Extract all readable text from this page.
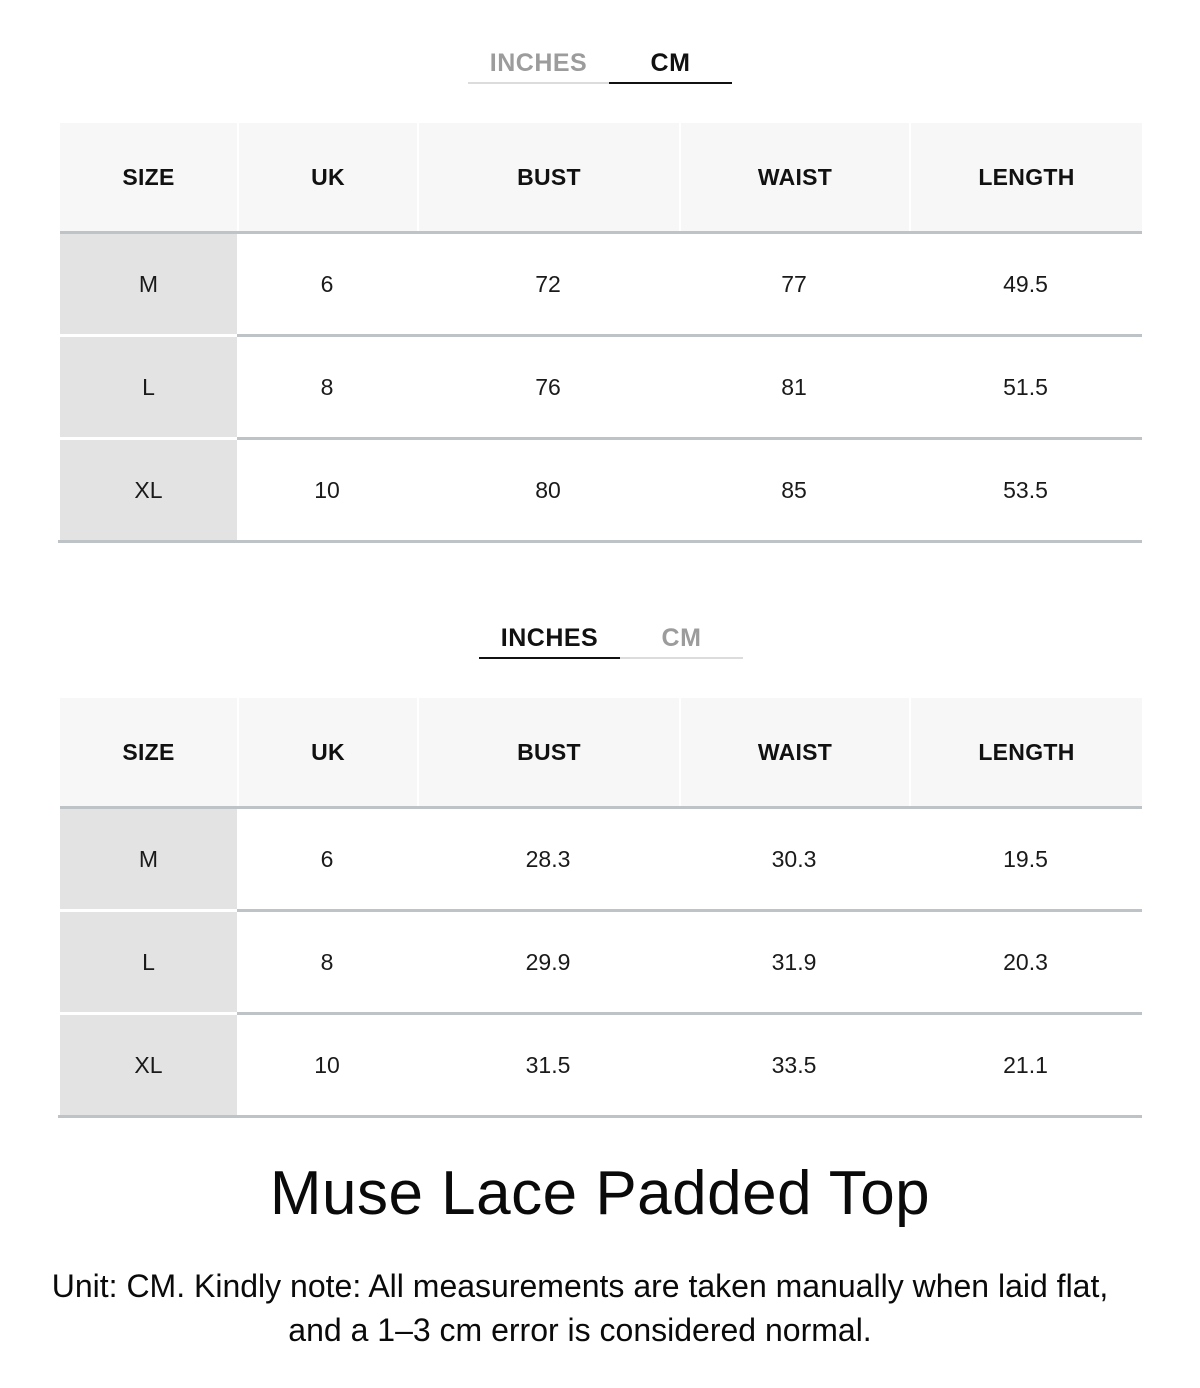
INCHES	CM
SIZE	UK	BUST	WAIST	LENGTH
M	6	72	77	49.5
L	8	76	81	51.5
XL	10	80	85	53.5
INCHES	CM
SIZE	UK	BUST	WAIST	LENGTH
M	6	28.3	30.3	19.5
L	8	29.9	31.9	20.3
XL	10	31.5	33.5	21.1
Muse Lace Padded Top
Unit: CM. Kindly note: All measurements are taken manually when laid flat, and a 1–3 cm error is considered normal.
